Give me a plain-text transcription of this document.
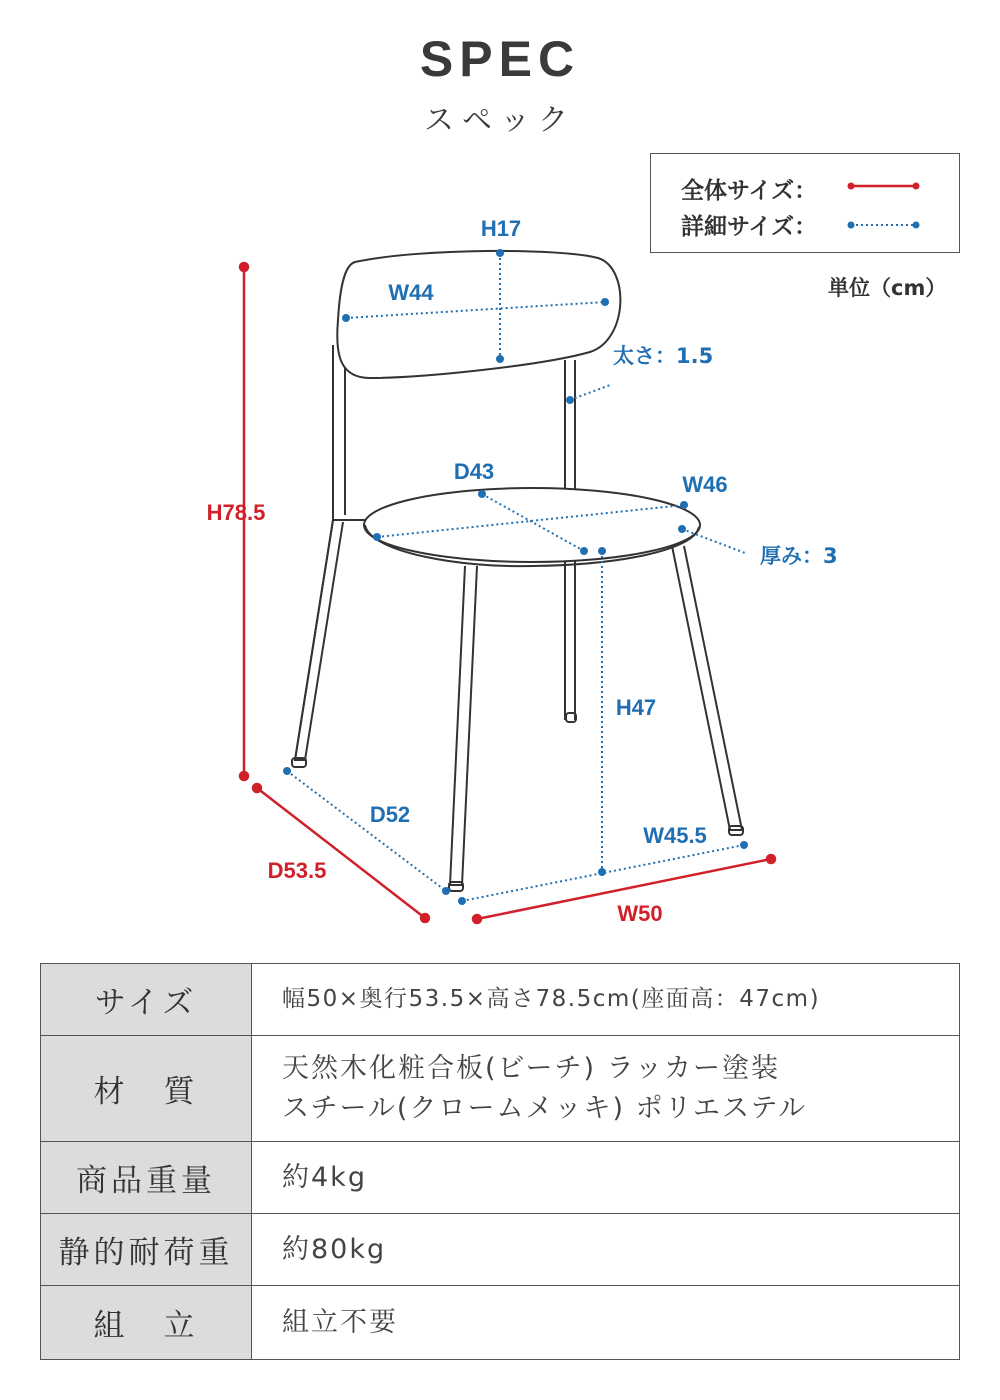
SPEC
スペック
全体サイズ：
詳細サイズ：
単位（cm）
H17
W44
太さ：1.5
D43
W46
厚み：3
H78.5
H47
D52
D53.5
W45.5
W50
サイズ	幅50×奥行53.5×高さ78.5cm(座面高：47cm)

材　質	天然木化粧合板(ビーチ) ラッカー塗装
スチール(クロームメッキ) ポリエステル

商品重量	約4kg

静的耐荷重	約80kg

組　立	組立不要
